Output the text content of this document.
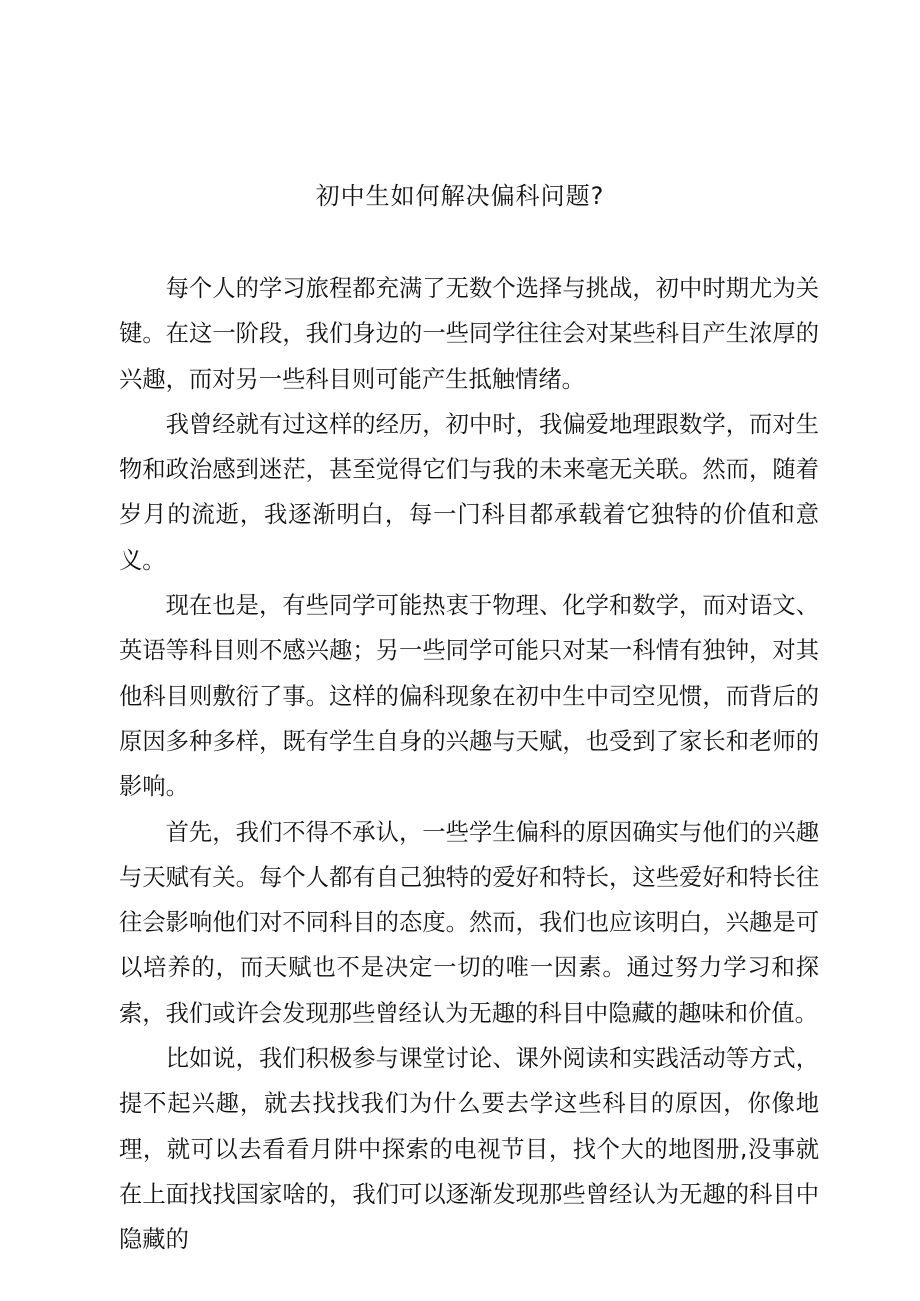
初中生如何解决偏科问题?

每个人的学习旅程都充满了无数个选择与挑战，初中时期尤为关键。在这一阶段，我们身边的一些同学往往会对某些科目产生浓厚的兴趣，而对另一些科目则可能产生抵触情绪。

我曾经就有过这样的经历，初中时，我偏爱地理跟数学，而对生物和政治感到迷茫，甚至觉得它们与我的未来毫无关联。然而，随着岁月的流逝，我逐渐明白，每一门科目都承载着它独特的价值和意义。

现在也是，有些同学可能热衷于物理、化学和数学，而对语文、英语等科目则不感兴趣；另一些同学可能只对某一科情有独钟，对其他科目则敷衍了事。这样的偏科现象在初中生中司空见惯，而背后的原因多种多样，既有学生自身的兴趣与天赋，也受到了家长和老师的影响。

首先，我们不得不承认，一些学生偏科的原因确实与他们的兴趣与天赋有关。每个人都有自己独特的爱好和特长，这些爱好和特长往往会影响他们对不同科目的态度。然而，我们也应该明白，兴趣是可以培养的，而天赋也不是决定一切的唯一因素。通过努力学习和探索，我们或许会发现那些曾经认为无趣的科目中隐藏的趣味和价值。

比如说，我们积极参与课堂讨论、课外阅读和实践活动等方式，提不起兴趣，就去找找我们为什么要去学这些科目的原因，你像地理，就可以去看看月阱中探索的电视节目，找个大的地图册,没事就在上面找找国家啥的，我们可以逐渐发现那些曾经认为无趣的科目中隐藏的
